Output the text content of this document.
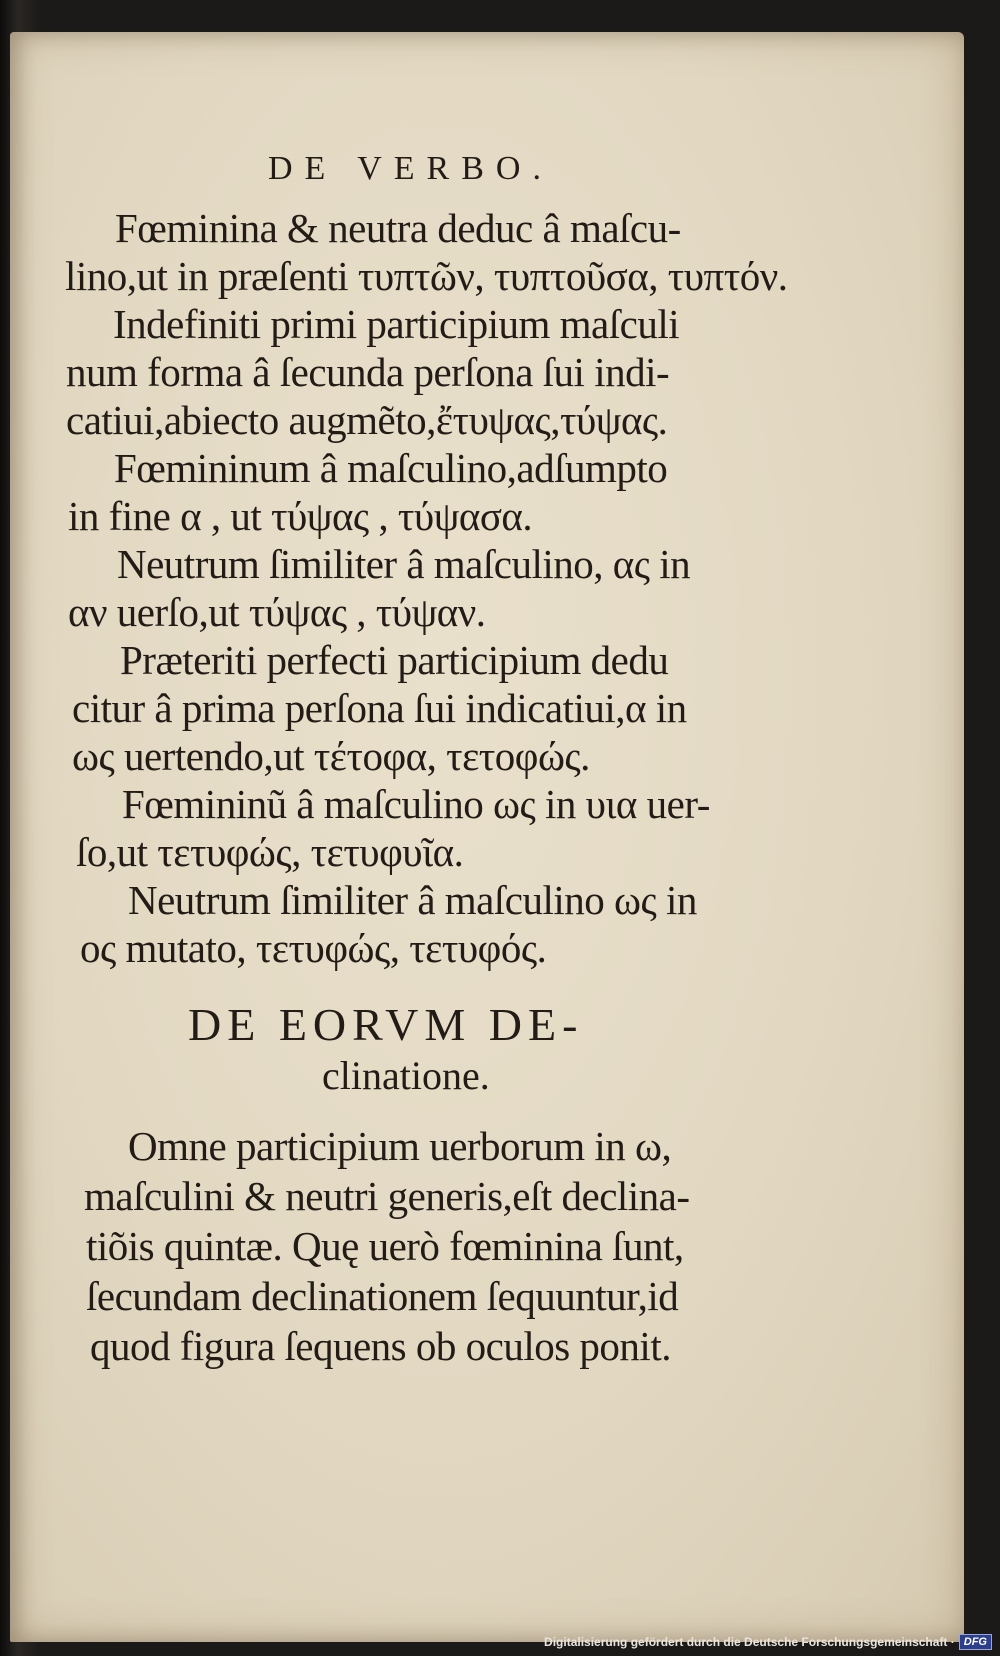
DE VERBO.
Fœminina & neutra deduc â maſcu-
lino,ut in præſenti τυπτῶν, τυπτοῦσα, τυπτόν.
Indefiniti primi participium maſculi
num forma â ſecunda perſona ſui indi-
catiui,abiecto augmẽto,ἔτυψας,τύψας.
Fœmininum â maſculino,adſumpto
in fine α , ut τύψας , τύψασα.
Neutrum ſimiliter â maſculino, ας in
αν uerſo,ut τύψας , τύψαν.
Præteriti perfecti participium dedu
citur â prima perſona ſui indicatiui,α in
ως uertendo,ut τέτοφα, τετοφώς.
Fœmininũ â maſculino ως in υια uer-
ſo,ut τετυφώς, τετυφυῖα.
Neutrum ſimiliter â maſculino ως in
ος mutato, τετυφώς, τετυφός.
DE EORVM DE-
clinatione.
Omne participium uerborum in ω,
maſculini & neutri generis,eſt declina-
tiõis quintæ. Quę uerò fœminina ſunt,
ſecundam declinationem ſequuntur,id
quod figura ſequens ob oculos ponit.
Digitalisierung gefördert durch die Deutsche Forschungsgemeinschaft · DFG
